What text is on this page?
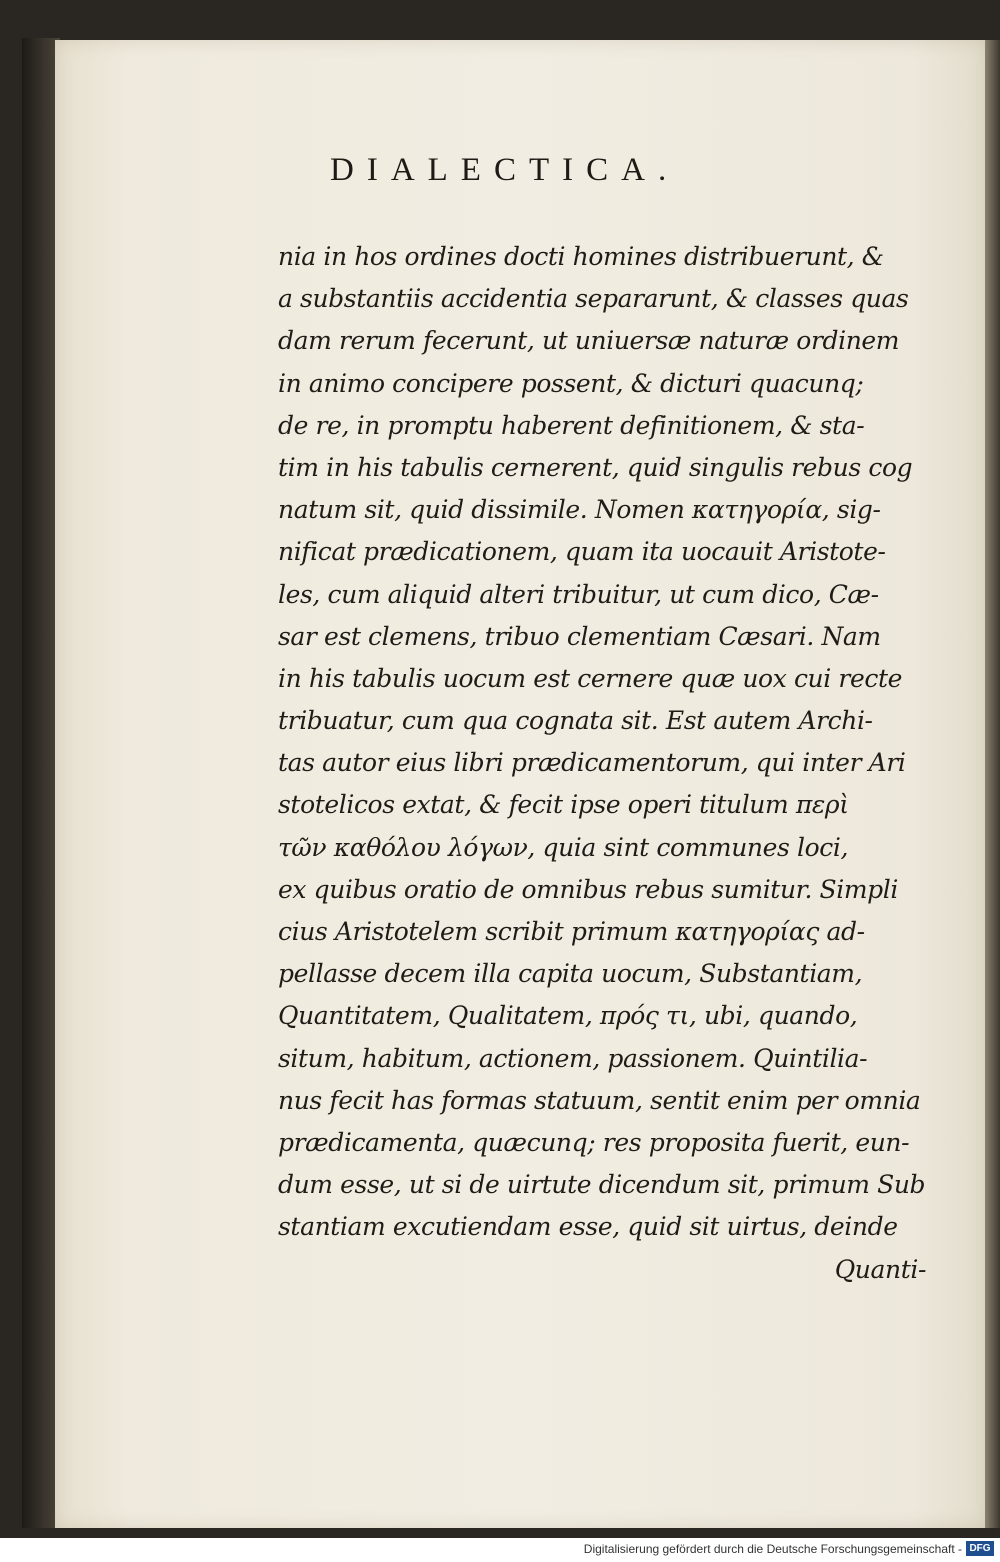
DIALECTICA.
nia in hos ordines docti homines distribuerunt, &
a substantiis accidentia separarunt, & classes quas
dam rerum fecerunt, ut uniuersæ naturæ ordinem
in animo concipere possent, & dicturi quacunq;
de re, in promptu haberent definitionem, & sta-
tim in his tabulis cernerent, quid singulis rebus cog
natum sit, quid dissimile. Nomen κατηγορία, sig-
nificat prædicationem, quam ita uocauit Aristote-
les, cum aliquid alteri tribuitur, ut cum dico, Cæ-
sar est clemens, tribuo clementiam Cæsari. Nam
in his tabulis uocum est cernere quæ uox cui recte
tribuatur, cum qua cognata sit. Est autem Archi-
tas autor eius libri prædicamentorum, qui inter Ari
stotelicos extat, & fecit ipse operi titulum περὶ
τῶν καθόλου λόγων, quia sint communes loci,
ex quibus oratio de omnibus rebus sumitur. Simpli
cius Aristotelem scribit primum κατηγορίας ad-
pellasse decem illa capita uocum, Substantiam,
Quantitatem, Qualitatem, πρός τι, ubi, quando,
situm, habitum, actionem, passionem. Quintilia-
nus fecit has formas statuum, sentit enim per omnia
prædicamenta, quæcunq; res proposita fuerit, eun-
dum esse, ut si de uirtute dicendum sit, primum Sub
stantiam excutiendam esse, quid sit uirtus, deinde
Quanti-
Digitalisierung gefördert durch die Deutsche Forschungsgemeinschaft - DFG
